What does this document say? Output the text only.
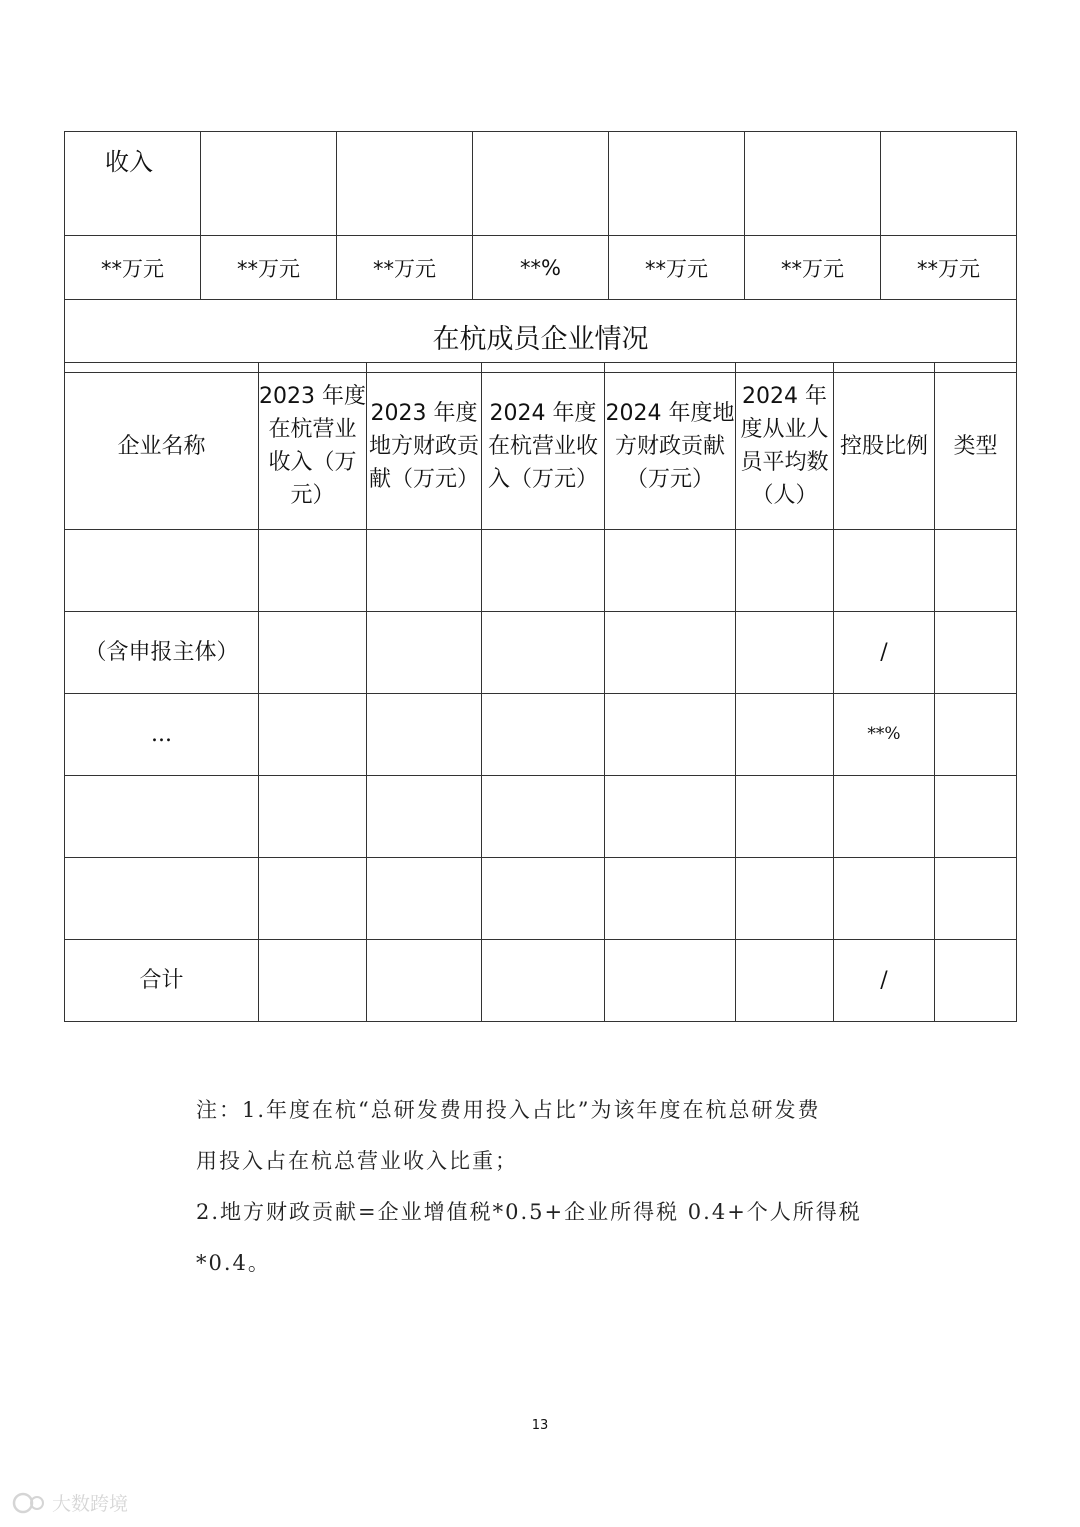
收入						
**万元	**万元	**万元	**%	**万元	**万元	**万元
在杭成员企业情况						
企业名称	2023 年度在杭营业收入（万元）	2023 年度地方财政贡献（万元）	2024 年度在杭营业收入（万元）	2024 年度地方财政贡献（万元）	2024 年度从业人员平均数（人）	控股比例	类型

（含申报主体）						/	
...						**%	

合计						/	
注：1.年度在杭“总研发费用投入占比”为该年度在杭总研发费
用投入占在杭总营业收入比重；
2.地方财政贡献=企业增值税*0.5+企业所得税 0.4+个人所得税
*0.4。
13
大数跨境
